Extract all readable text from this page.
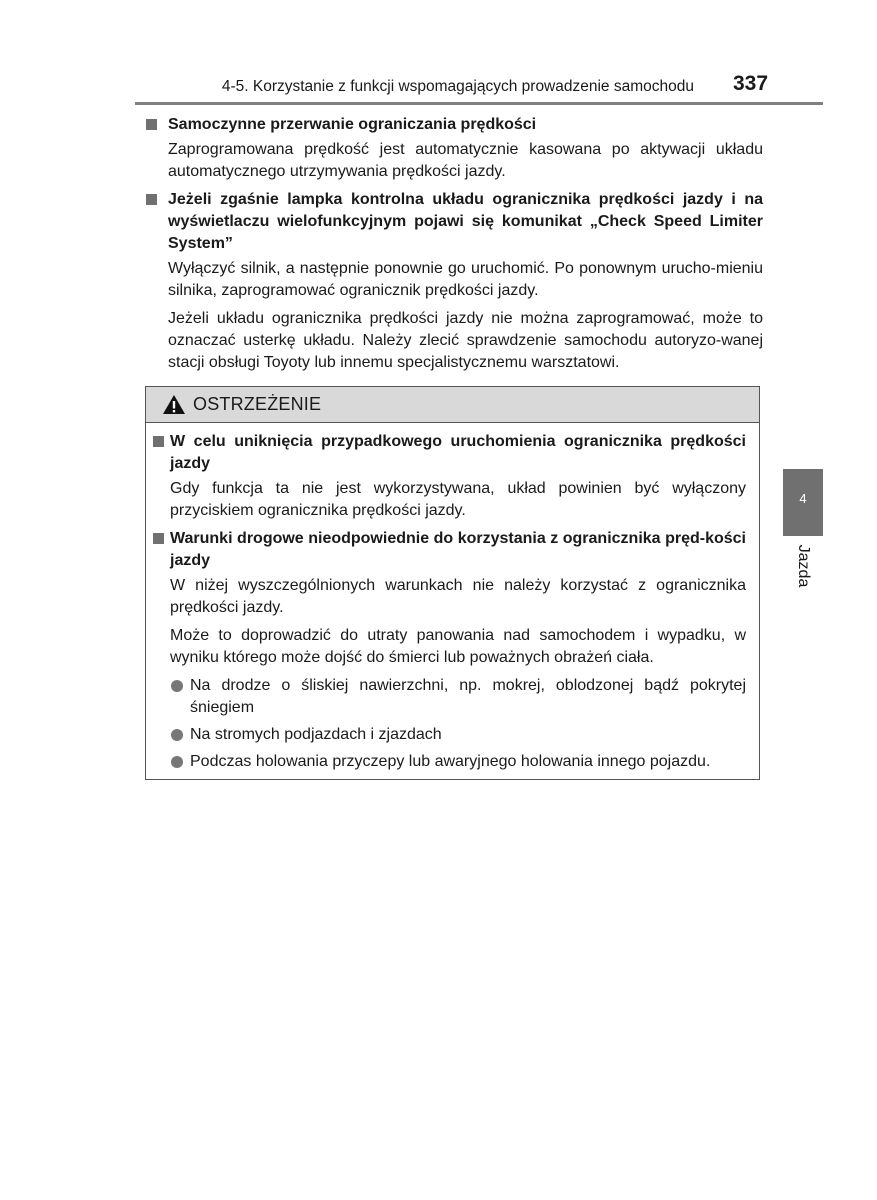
4-5. Korzystanie z funkcji wspomagających prowadzenie samochodu 337
Samoczynne przerwanie ograniczania prędkości

Zaprogramowana prędkość jest automatycznie kasowana po aktywacji układu automatycznego utrzymywania prędkości jazdy.

Jeżeli zgaśnie lampka kontrolna układu ogranicznika prędkości jazdy i na wyświetlaczu wielofunkcyjnym pojawi się komunikat „Check Speed Limiter System”

Wyłączyć silnik, a następnie ponownie go uruchomić. Po ponownym urucho-mieniu silnika, zaprogramować ogranicznik prędkości jazdy.

Jeżeli układu ogranicznika prędkości jazdy nie można zaprogramować, może to oznaczać usterkę układu. Należy zlecić sprawdzenie samochodu autoryzo-wanej stacji obsługi Toyoty lub innemu specjalistycznemu warsztatowi.

OSTRZEŻENIE
W celu uniknięcia przypadkowego uruchomienia ogranicznika prędkości jazdy

Gdy funkcja ta nie jest wykorzystywana, układ powinien być wyłączony przyciskiem ogranicznika prędkości jazdy.

Warunki drogowe nieodpowiednie do korzystania z ogranicznika pręd-kości jazdy

W niżej wyszczególnionych warunkach nie należy korzystać z ogranicznika prędkości jazdy.

Może to doprowadzić do utraty panowania nad samochodem i wypadku, w wyniku którego może dojść do śmierci lub poważnych obrażeń ciała.

Na drodze o śliskiej nawierzchni, np. mokrej, oblodzonej bądź pokrytej śniegiem
Na stromych podjazdach i zjazdach
Podczas holowania przyczepy lub awaryjnego holowania innego pojazdu.
4
Jazda
